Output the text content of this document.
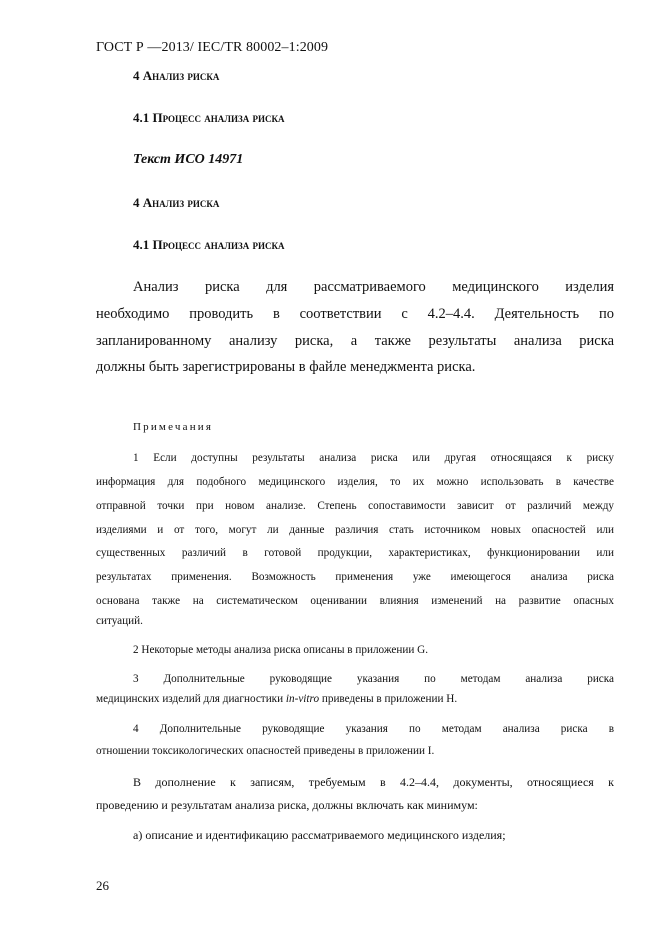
ГОСТ Р —2013/ IEC/TR 80002–1:2009
4 Анализ риска
4.1 Процесс анализа риска
Текст ИСО 14971
4 Анализ риска
4.1 Процесс анализа риска
Анализ риска для рассматриваемого медицинского изделия
необходимо проводить в соответствии с 4.2–4.4. Деятельность по
запланированному анализу риска, а также результаты анализа риска
должны быть зарегистрированы в файле менеджмента риска.
Примечания
1 Если доступны результаты анализа риска или другая относящаяся к риску
информация для подобного медицинского изделия, то их можно использовать в качестве
отправной точки при новом анализе. Степень сопоставимости зависит от различий между
изделиями и от того, могут ли данные различия стать источником новых опасностей или
существенных различий в готовой продукции, характеристиках, функционировании или
результатах применения. Возможность применения уже имеющегося анализа риска
основана также на систематическом оценивании влияния изменений на развитие опасных
ситуаций.
2 Некоторые методы анализа риска описаны в приложении G.
3 Дополнительные руководящие указания по методам анализа риска
медицинских изделий для диагностики in-vitro приведены в приложении H.
4 Дополнительные руководящие указания по методам анализа риска в
отношении токсикологических опасностей приведены в приложении I.
В дополнение к записям, требуемым в 4.2–4.4, документы, относящиеся к
проведению и результатам анализа риска, должны включать как минимум:
а) описание и идентификацию рассматриваемого медицинского изделия;
26
